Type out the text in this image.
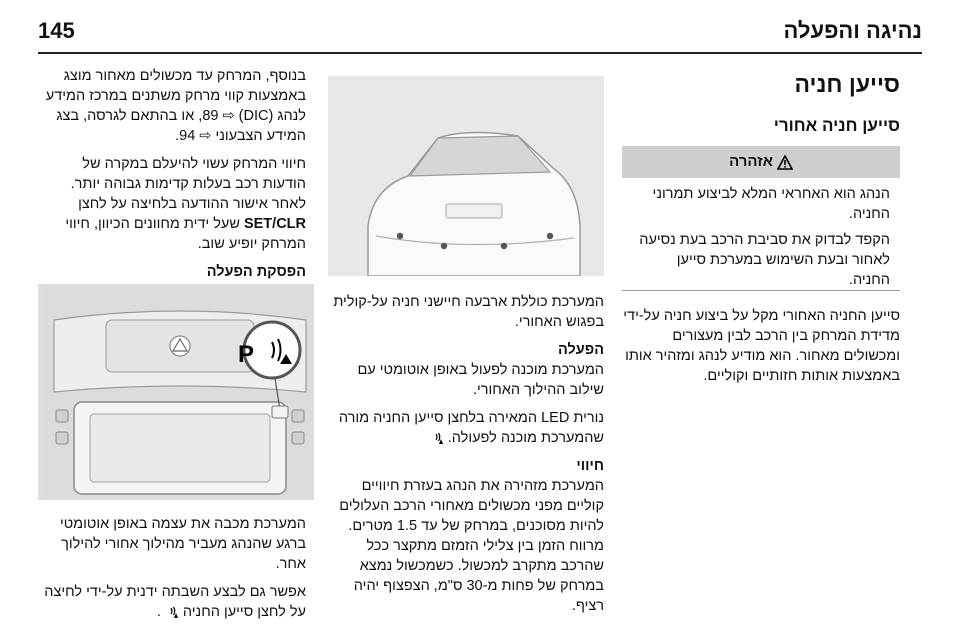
145	נהיגה והפעלה
סייען חניה
סייען חניה אחורי
אזהרה

הנהג הוא האחראי המלא לביצוע תמרוני החניה.

הקפד לבדוק את סביבת הרכב בעת נסיעה לאחור ובעת השימוש במערכת סייען החניה.

סייען החניה האחורי מקל על ביצוע חניה על-ידי מדידת המרחק בין הרכב לבין מעצורים ומכשולים מאחור. הוא מודיע לנהג ומזהיר אותו באמצעות אותות חזותיים וקוליים.

המערכת כוללת ארבעה חיישני חניה על-קולית בפגוש האחורי.

הפעלה

המערכת מוכנה לפעול באופן אוטומטי עם שילוב ההילוך האחורי.

נורית LED המאירה בלחצן סייען החניה מורה שהמערכת מוכנה לפעולה.

חיווי

המערכת מזהירה את הנהג בעזרת חיוויים קוליים מפני מכשולים מאחורי הרכב העלולים להיות מסוכנים, במרחק של עד 1.5 מטרים. מרווח הזמן בין צלילי הזמזם מתקצר ככל שהרכב מתקרב למכשול. כשמכשול נמצא במרחק של פחות מ-30 ס"מ, הצפצוף יהיה רציף.

בנוסף, המרחק עד מכשולים מאחור מוצג באמצעות קווי מרחק משתנים במרכז המידע לנהג (DIC) ⇨ 89, או בהתאם לגרסה, בצג המידע הצבעוני ⇨ 94.

חיווי המרחק עשוי להיעלם במקרה של הודעות רכב בעלות קדימות גבוהה יותר. לאחר אישור ההודעה בלחיצה על לחצן SET/CLR שעל ידית מחוונים הכיוון, חיווי המרחק יופיע שוב.

הפסקת הפעלה

P

המערכת מכבה את עצמה באופן אוטומטי ברגע שהנהג מעביר מהילוך אחורי להילוך אחר.

אפשר גם לבצע השבתה ידנית על-ידי לחיצה על לחצן סייען החניה
.
